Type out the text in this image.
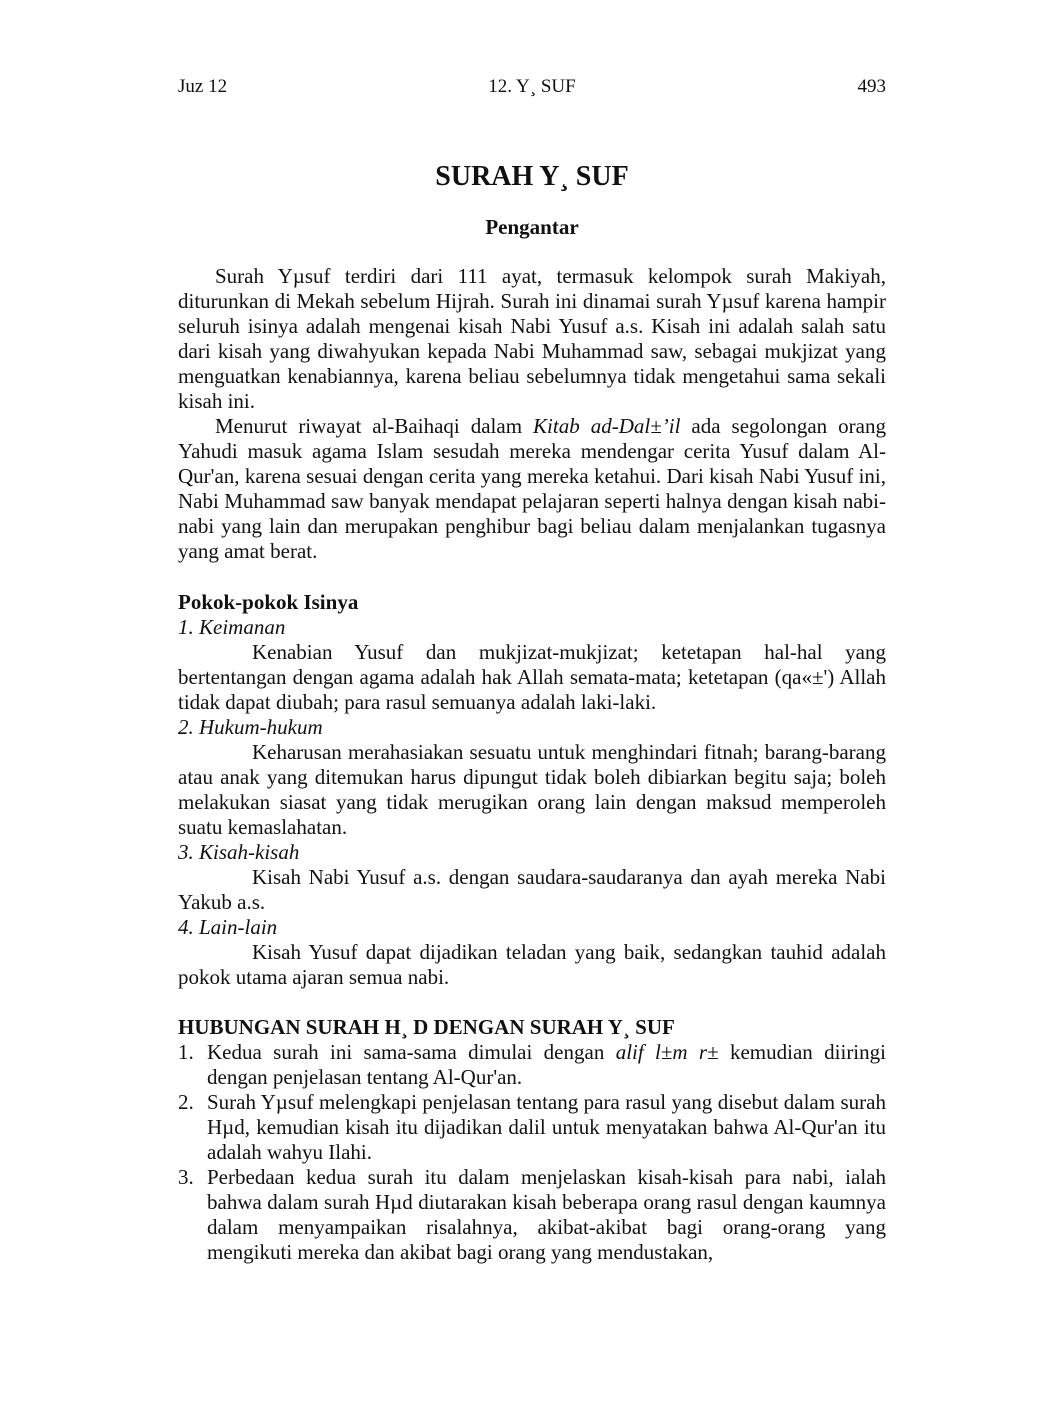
Juz 12	12. Y¸ SUF	493
SURAH Y¸ SUF
Pengantar

Surah Yµsuf terdiri dari 111 ayat, termasuk kelompok surah Makiyah, diturunkan di Mekah sebelum Hijrah. Surah ini dinamai surah Yµsuf karena hampir seluruh isinya adalah mengenai kisah Nabi Yusuf a.s. Kisah ini adalah salah satu dari kisah yang diwahyukan kepada Nabi Muhammad saw, sebagai mukjizat yang menguatkan kenabiannya, karena beliau sebelumnya tidak mengetahui sama sekali kisah ini.

Menurut riwayat al-Baihaqi dalam Kitab ad-Dal±’il ada segolongan orang Yahudi masuk agama Islam sesudah mereka mendengar cerita Yusuf dalam Al-Qur'an, karena sesuai dengan cerita yang mereka ketahui. Dari kisah Nabi Yusuf ini, Nabi Muhammad saw banyak mendapat pelajaran seperti halnya dengan kisah nabi-nabi yang lain dan merupakan penghibur bagi beliau dalam menjalankan tugasnya yang amat berat.

Pokok-pokok Isinya
1. Keimanan

Kenabian Yusuf dan mukjizat-mukjizat; ketetapan hal-hal yang bertentangan dengan agama adalah hak Allah semata-mata; ketetapan (qa«±') Allah tidak dapat diubah; para rasul semuanya adalah laki-laki.

2. Hukum-hukum

Keharusan merahasiakan sesuatu untuk menghindari fitnah; barang-barang atau anak yang ditemukan harus dipungut tidak boleh dibiarkan begitu saja; boleh melakukan siasat yang tidak merugikan orang lain dengan maksud memperoleh suatu kemaslahatan.

3. Kisah-kisah

Kisah Nabi Yusuf a.s. dengan saudara-saudaranya dan ayah mereka Nabi Yakub a.s.

4. Lain-lain

Kisah Yusuf dapat dijadikan teladan yang baik, sedangkan tauhid adalah pokok utama ajaran semua nabi.

HUBUNGAN SURAH H¸ D DENGAN SURAH Y¸ SUF
1. Kedua surah ini sama-sama dimulai dengan alif l±m r± kemudian diiringi dengan penjelasan tentang Al-Qur'an.
2. Surah Yµsuf melengkapi penjelasan tentang para rasul yang disebut dalam surah Hµd, kemudian kisah itu dijadikan dalil untuk menyatakan bahwa Al-Qur'an itu adalah wahyu Ilahi.
3. Perbedaan kedua surah itu dalam menjelaskan kisah-kisah para nabi, ialah bahwa dalam surah Hµd diutarakan kisah beberapa orang rasul dengan kaumnya dalam menyampaikan risalahnya, akibat-akibat bagi orang-orang yang mengikuti mereka dan akibat bagi orang yang mendustakan,
